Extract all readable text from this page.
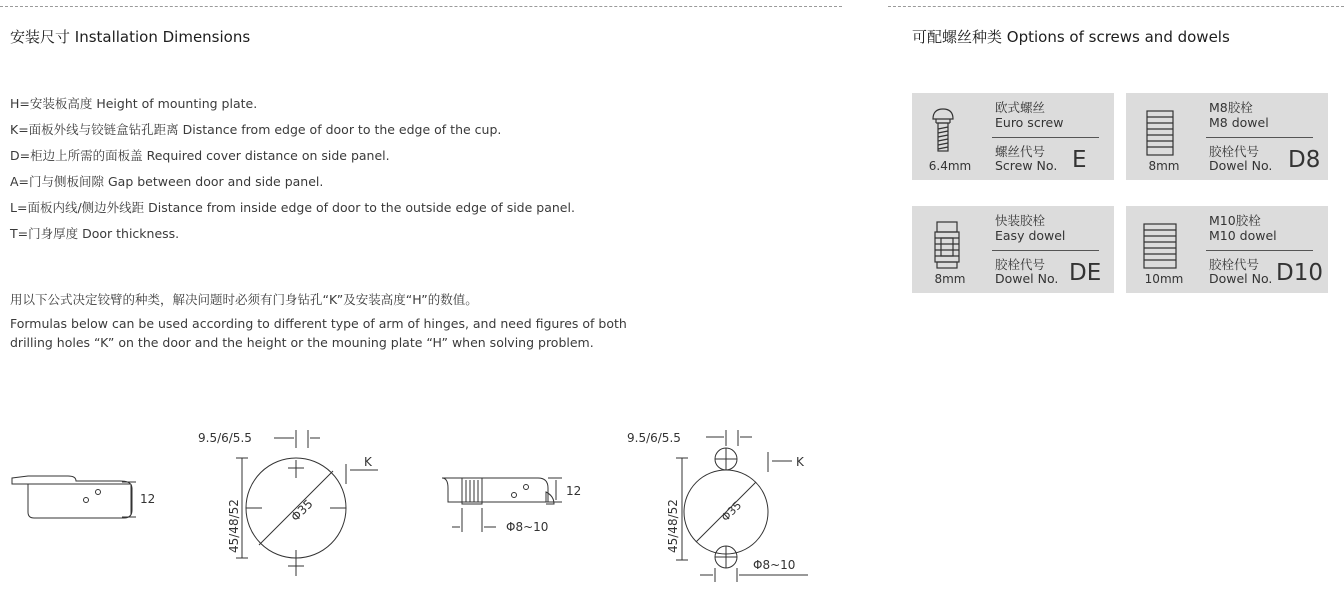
安装尺寸 Installation Dimensions
H=安装板高度 Height of mounting plate.
K=面板外线与铰链盒钻孔距离 Distance from edge of door to the edge of the cup.
D=柜边上所需的面板盖 Required cover distance on side panel.
A=门与侧板间隙 Gap between door and side panel.
L=面板内线/侧边外线距 Distance from inside edge of door to the outside edge of side panel.
T=门身厚度 Door thickness.
用以下公式决定铰臂的种类，解决问题时必须有门身钻孔“K”及安装高度“H”的数值。
Formulas below can be used according to different type of arm of hinges, and need figures of both
drilling holes “K” on the door and the height or the mouning plate “H” when solving problem.
12	Φ35
9.5/6/5.5
K
45/48/52
12
Φ8~10
Φ35
9.5/6/5.5
K
45/48/52
Φ8~10
可配螺丝种类 Options of screws and dowels
6.4mm
欧式螺丝
Euro screw
螺丝代号
Screw No. E	8mm
M8胶栓
M8 dowel
胶栓代号
Dowel No. D8
8mm
快装胶栓
Easy dowel
胶栓代号
Dowel No. DE	10mm
M10胶栓
M10 dowel
胶栓代号
Dowel No. D10
